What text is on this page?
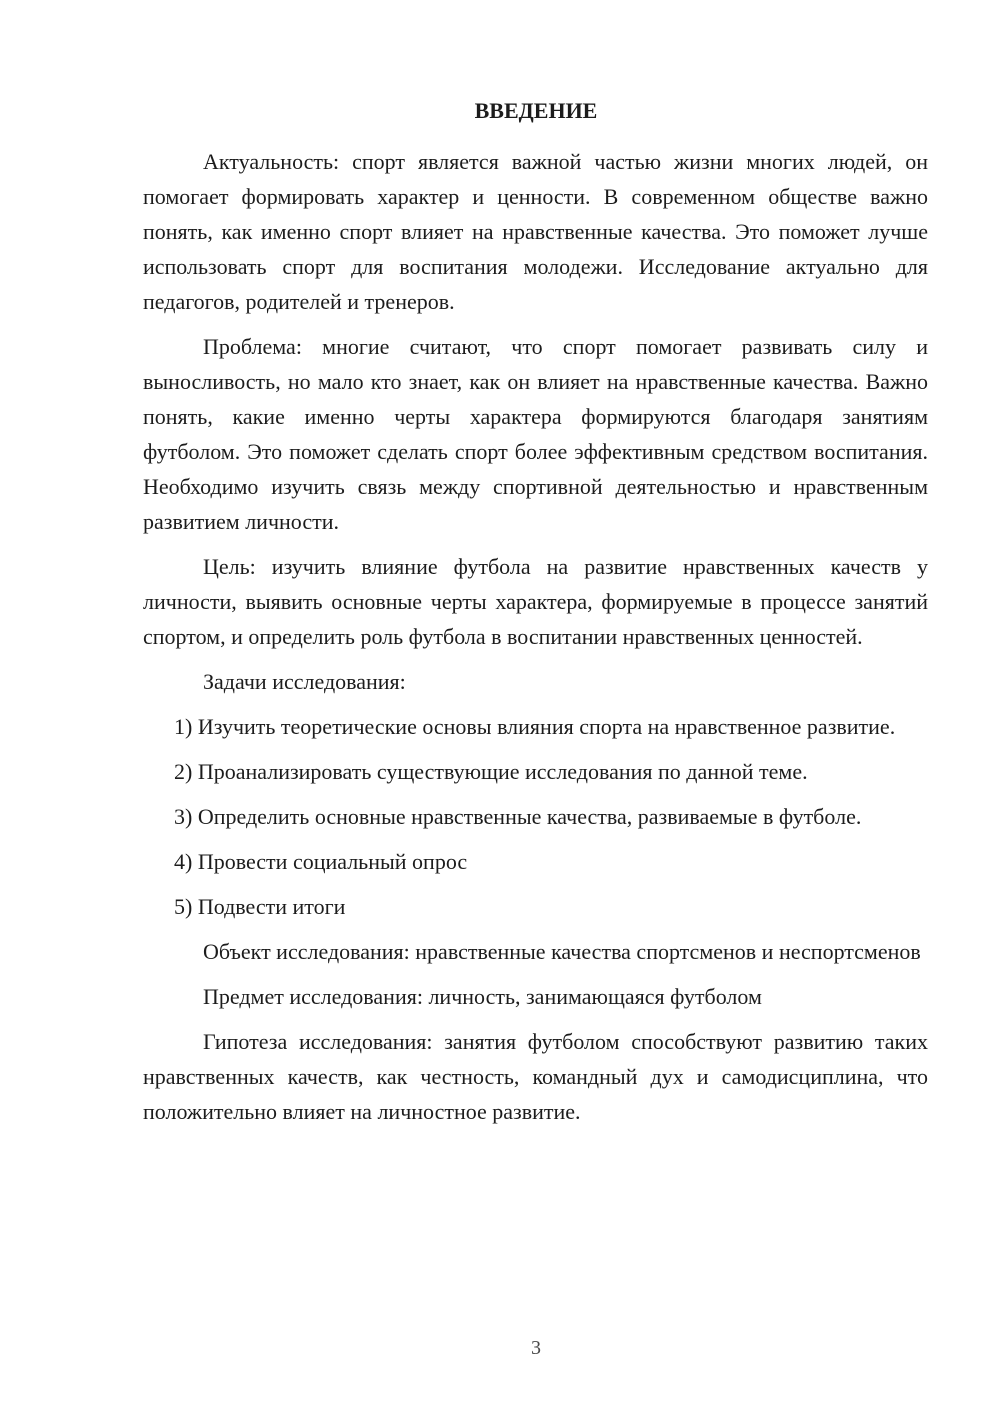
ВВЕДЕНИЕ

Актуальность: спорт является важной частью жизни многих людей, он помогает формировать характер и ценности. В современном обществе важно понять, как именно спорт влияет на нравственные качества. Это поможет лучше использовать спорт для воспитания молодежи. Исследование актуально для педагогов, родителей и тренеров.

Проблема: многие считают, что спорт помогает развивать силу и выносливость, но мало кто знает, как он влияет на нравственные качества. Важно понять, какие именно черты характера формируются благодаря занятиям футболом. Это поможет сделать спорт более эффективным средством воспитания. Необходимо изучить связь между спортивной деятельностью и нравственным развитием личности.

Цель: изучить влияние футбола на развитие нравственных качеств у личности, выявить основные черты характера, формируемые в процессе занятий спортом, и определить роль футбола в воспитании нравственных ценностей.

Задачи исследования:

1) Изучить теоретические основы влияния спорта на нравственное развитие.

2) Проанализировать существующие исследования по данной теме.

3) Определить основные нравственные качества, развиваемые в футболе.

4) Провести социальный опрос

5) Подвести итоги

Объект исследования: нравственные качества спортсменов и неспортсменов

Предмет исследования: личность, занимающаяся футболом

Гипотеза исследования: занятия футболом способствуют развитию таких нравственных качеств, как честность, командный дух и самодисциплина, что положительно влияет на личностное развитие.

3
